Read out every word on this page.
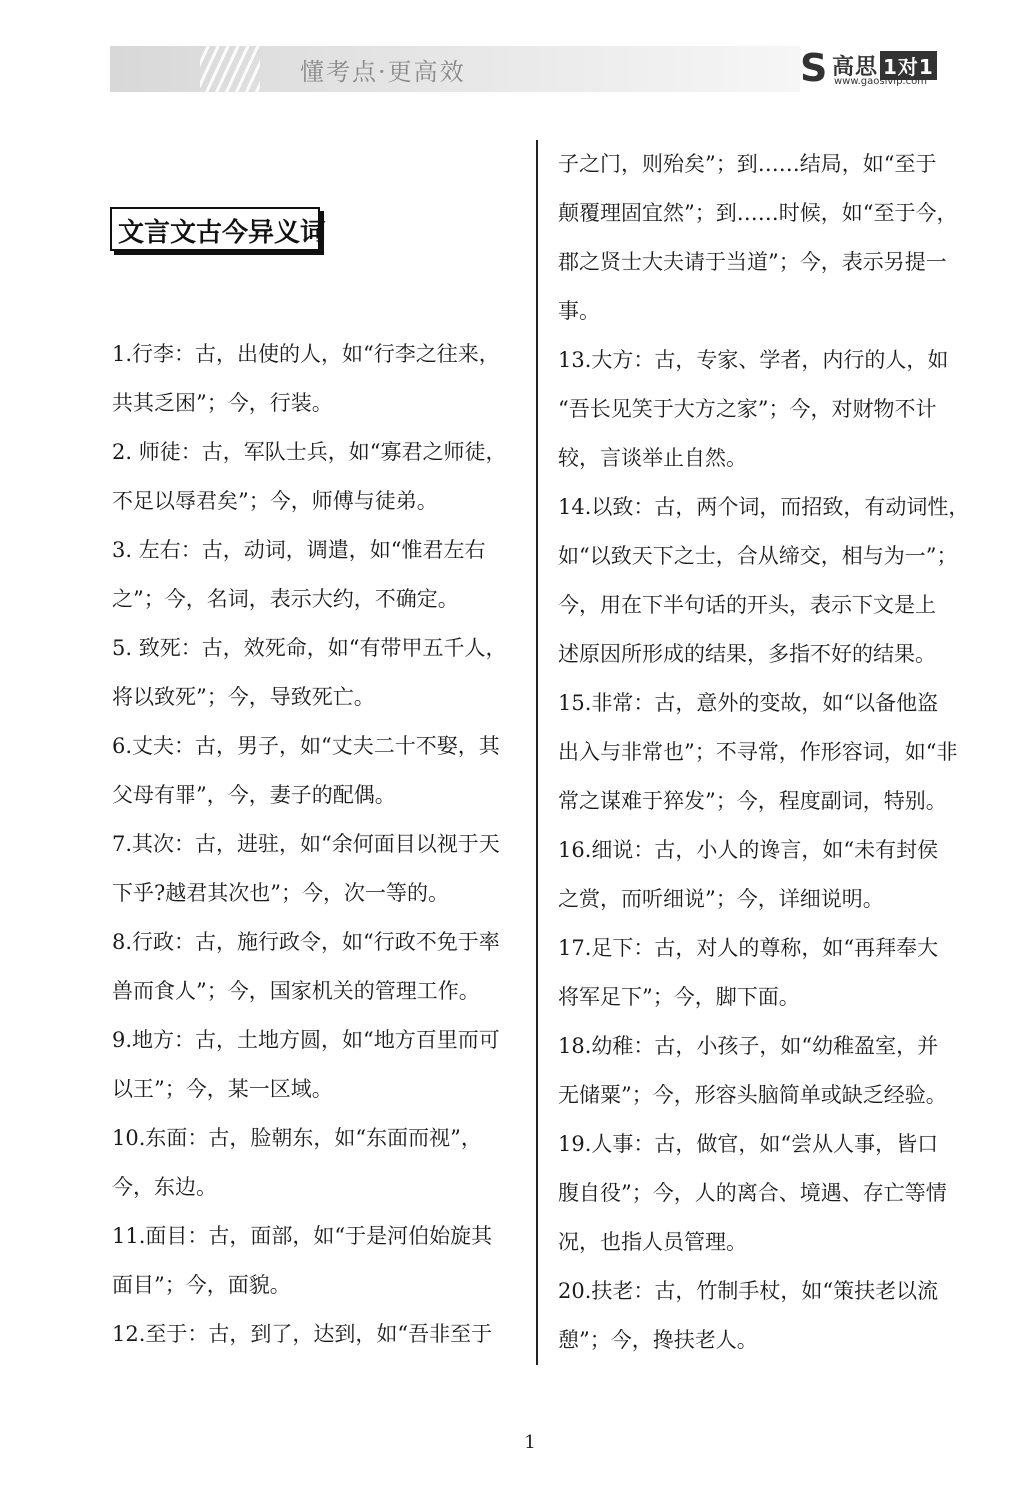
懂考点·更高效	S 高思 1对1
www.gaosivip.com
文言文古今异义词
1.行李：古，出使的人，如“行李之往来，
共其乏困”；今，行装。
2. 师徒：古，军队士兵，如“寡君之师徒，
不足以辱君矣”；今，师傅与徒弟。
3. 左右：古，动词，调遣，如“惟君左右
之”；今，名词，表示大约，不确定。
5. 致死：古，效死命，如“有带甲五千人，
将以致死”；今，导致死亡。
6.丈夫：古，男子，如“丈夫二十不娶，其
父母有罪”，今，妻子的配偶。
7.其次：古，进驻，如“余何面目以视于天
下乎?越君其次也”；今，次一等的。
8.行政：古，施行政令，如“行政不免于率
兽而食人”；今，国家机关的管理工作。
9.地方：古，土地方圆，如“地方百里而可
以王”；今，某一区域。
10.东面：古，脸朝东，如“东面而视”，
今，东边。
11.面目：古，面部，如“于是河伯始旋其
面目”；今，面貌。
12.至于：古，到了，达到，如“吾非至于
子之门，则殆矣”；到……结局，如“至于
颠覆理固宜然”；到……时候，如“至于今，
郡之贤士大夫请于当道”；今，表示另提一
事。
13.大方：古，专家、学者，内行的人，如
“吾长见笑于大方之家”；今，对财物不计
较，言谈举止自然。
14.以致：古，两个词，而招致，有动词性，
如“以致天下之士，合从缔交，相与为一”；
今，用在下半句话的开头，表示下文是上
述原因所形成的结果，多指不好的结果。
15.非常：古，意外的变故，如“以备他盗
出入与非常也”；不寻常，作形容词，如“非
常之谋难于猝发”；今，程度副词，特别。
16.细说：古，小人的谗言，如“未有封侯
之赏，而听细说”；今，详细说明。
17.足下：古，对人的尊称，如“再拜奉大
将军足下”；今，脚下面。
18.幼稚：古，小孩子，如“幼稚盈室，并
无储粟”；今，形容头脑简单或缺乏经验。
19.人事：古，做官，如“尝从人事，皆口
腹自役”；今，人的离合、境遇、存亡等情
况，也指人员管理。
20.扶老：古，竹制手杖，如“策扶老以流
憩”；今，搀扶老人。
1
